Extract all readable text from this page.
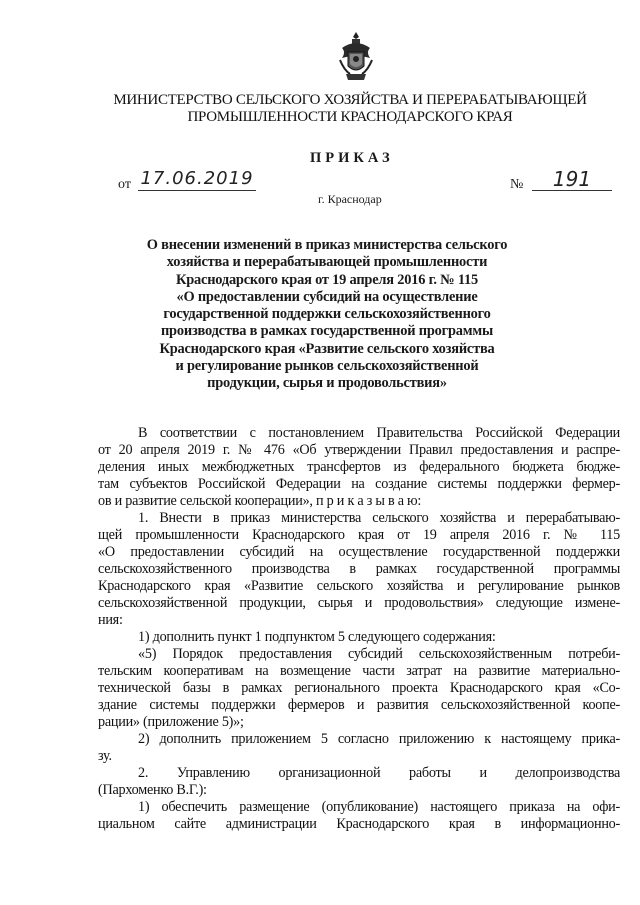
МИНИСТЕРСТВО СЕЛЬСКОГО ХОЗЯЙСТВА И ПЕРЕРАБАТЫВАЮЩЕЙ
ПРОМЫШЛЕННОСТИ КРАСНОДАРСКОГО КРАЯ
ПРИКАЗ
от 17.06.2019	№	191
г. Краснодар
О внесении изменений в приказ министерства сельского
хозяйства и перерабатывающей промышленности
Краснодарского края от 19 апреля 2016 г. № 115
«О предоставлении субсидий на осуществление
государственной поддержки сельскохозяйственного
производства в рамках государственной программы
Краснодарского края «Развитие сельского хозяйства
и регулирование рынков сельскохозяйственной
продукции, сырья и продовольствия»
В соответствии с постановлением Правительства Российской Федерации
от 20 апреля 2019 г. № 476 «Об утверждении Правил предоставления и распре-
деления иных межбюджетных трансфертов из федерального бюджета бюдже-
там субъектов Российской Федерации на создание системы поддержки фермер-
ов и развитие сельской кооперации», п р и к а з ы в а ю:
1. Внести в приказ министерства сельского хозяйства и перерабатываю-
щей промышленности Краснодарского края от 19 апреля 2016 г. № 115
«О предоставлении субсидий на осуществление государственной поддержки
сельскохозяйственного производства в рамках государственной программы
Краснодарского края «Развитие сельского хозяйства и регулирование рынков
сельскохозяйственной продукции, сырья и продовольствия» следующие измене-
ния:
1) дополнить пункт 1 подпунктом 5 следующего содержания:
«5) Порядок предоставления субсидий сельскохозяйственным потреби-
тельским кооперативам на возмещение части затрат на развитие материально-
технической базы в рамках регионального проекта Краснодарского края «Со-
здание системы поддержки фермеров и развития сельскохозяйственной коопе-
рации» (приложение 5)»;
2) дополнить приложением 5 согласно приложению к настоящему прика-
зу.
2. Управлению организационной работы и делопроизводства
(Пархоменко В.Г.):
1) обеспечить размещение (опубликование) настоящего приказа на офи-
циальном сайте администрации Краснодарского края в информационно-
